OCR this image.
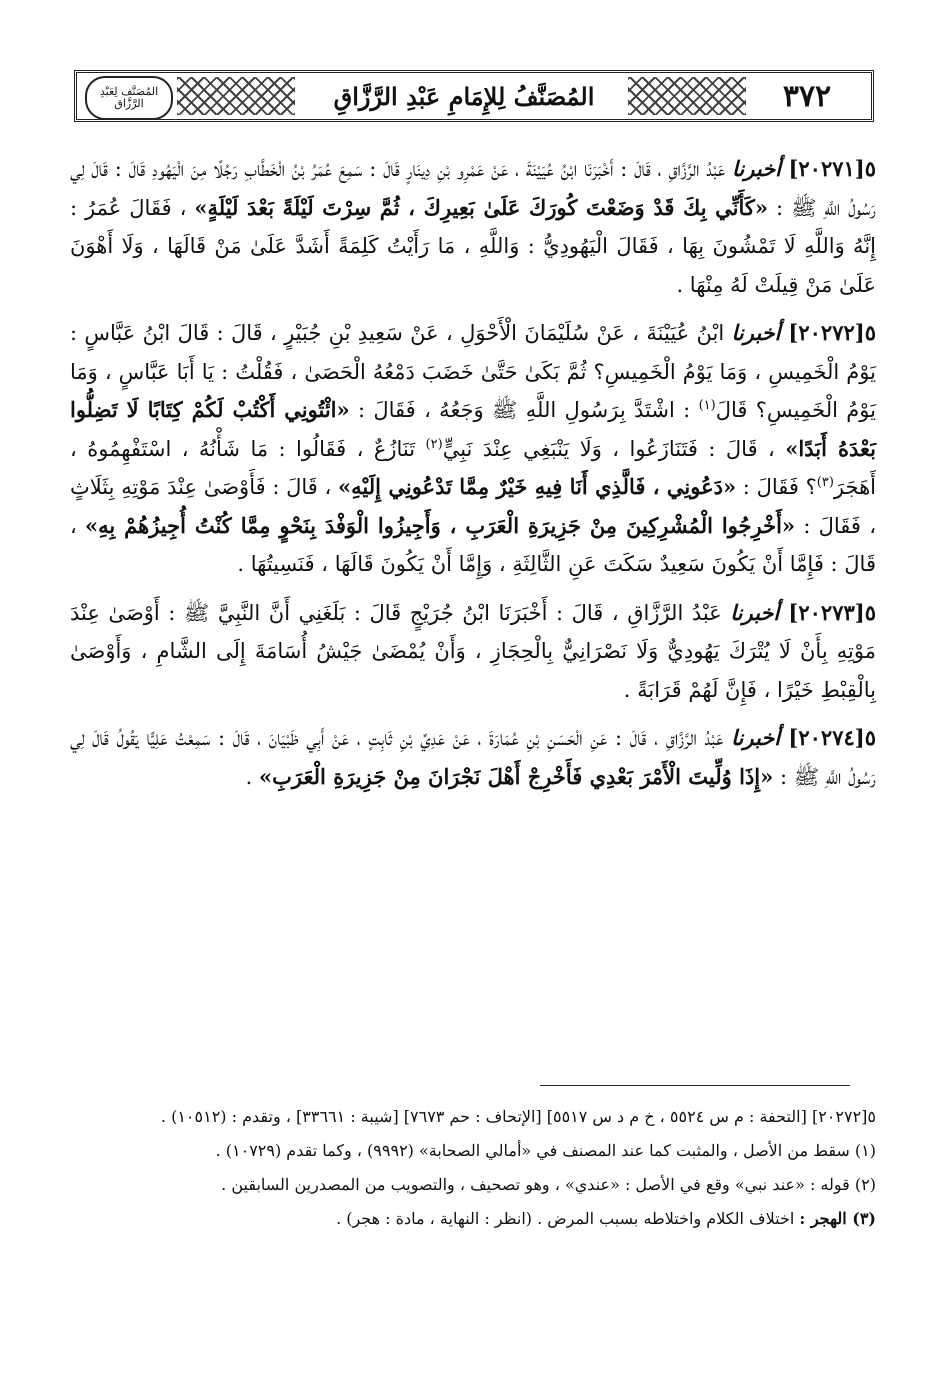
٣٧٢
المُصَنَّفُ لِلإِمَامِ عَبْدِ الرَّزَّاقِ
المُصَنَّف لِعَبْدِ الرَّزَّاق

٥[٢٠٢٧١] أخبرنا عَبْدُ الرَّزَّاقِ ، قَالَ : أَخْبَرَنَا ابْنُ عُيَيْنَةَ ، عَنْ عَمْرِو بْنِ دِينَارٍ قَالَ : سَمِعَ عُمَرُ بْنُ الْخَطَّابِ رَجُلًا مِنَ الْيَهُودِ قَالَ : قَالَ لِي رَسُولُ اللَّهِ ﷺ : «كَأَنِّي بِكَ قَدْ وَضَعْتَ كُورَكَ عَلَىٰ بَعِيرِكَ ، ثُمَّ سِرْتَ لَيْلَةً بَعْدَ لَيْلَةٍ» ، فَقَالَ عُمَرُ : إِنَّهُ وَاللَّهِ لَا تَمْشُونَ بِهَا ، فَقَالَ الْيَهُودِيُّ : وَاللَّهِ ، مَا رَأَيْتُ كَلِمَةً أَشَدَّ عَلَىٰ مَنْ قَالَهَا ، وَلَا أَهْوَنَ عَلَىٰ مَنْ قِيلَتْ لَهُ مِنْهَا .

٥[٢٠٢٧٢] أخبرنا ابْنُ عُيَيْنَةَ ، عَنْ سُلَيْمَانَ الْأَحْوَلِ ، عَنْ سَعِيدِ بْنِ جُبَيْرٍ ، قَالَ : قَالَ ابْنُ عَبَّاسٍ : يَوْمُ الْخَمِيسِ ، وَمَا يَوْمُ الْخَمِيسِ؟ ثُمَّ بَكَىٰ حَتَّىٰ خَضَبَ دَمْعُهُ الْحَصَىٰ ، فَقُلْتُ : يَا أَبَا عَبَّاسٍ ، وَمَا يَوْمُ الْخَمِيسِ؟ قَالَ$^{(١)}$ : اشْتَدَّ بِرَسُولِ اللَّهِ ﷺ وَجَعُهُ ، فَقَالَ : «ائْتُونِي أَكْتُبْ لَكُمْ كِتَابًا لَا تَضِلُّوا بَعْدَهُ أَبَدًا» ، قَالَ : فَتَنَازَعُوا ، وَلَا يَنْبَغِي عِنْدَ نَبِيٍّ$^{(٢)}$ تَنَازُعٌ ، فَقَالُوا : مَا شَأْنُهُ ، اسْتَفْهِمُوهُ ، أَهَجَرَ$^{(٣)}$؟ فَقَالَ : «دَعُونِي ، فَالَّذِي أَنَا فِيهِ خَيْرٌ مِمَّا تَدْعُونِي إِلَيْهِ» ، قَالَ : فَأَوْصَىٰ عِنْدَ مَوْتِهِ بِثَلَاثٍ ، فَقَالَ : «أَخْرِجُوا الْمُشْرِكِينَ مِنْ جَزِيرَةِ الْعَرَبِ ، وَأَجِيزُوا الْوَفْدَ بِنَحْوٍ مِمَّا كُنْتُ أُجِيزُهُمْ بِهِ» ، قَالَ : فَإِمَّا أَنْ يَكُونَ سَعِيدٌ سَكَتَ عَنِ الثَّالِثَةِ ، وَإِمَّا أَنْ يَكُونَ قَالَهَا ، فَنَسِيتُهَا .

٥[٢٠٢٧٣] أخبرنا عَبْدُ الرَّزَّاقِ ، قَالَ : أَخْبَرَنَا ابْنُ جُرَيْجٍ قَالَ : بَلَغَنِي أَنَّ النَّبِيَّ ﷺ : أَوْصَىٰ عِنْدَ مَوْتِهِ بِأَنْ لَا يُتْرَكَ يَهُودِيٌّ وَلَا نَصْرَانِيٌّ بِالْحِجَازِ ، وَأَنْ يُمْضَىٰ جَيْشُ أُسَامَةَ إِلَى الشَّامِ ، وَأَوْصَىٰ بِالْقِبْطِ خَيْرًا ، فَإِنَّ لَهُمْ قَرَابَةً .

٥[٢٠٢٧٤] أخبرنا عَبْدُ الرَّزَّاقِ ، قَالَ : عَنِ الْحَسَنِ بْنِ عُمَارَةَ ، عَنْ عَدِيِّ بْنِ ثَابِتٍ ، عَنْ أَبِي ظَبْيَانَ ، قَالَ : سَمِعْتُ عَلِيًّا يَقُولُ قَالَ لِي رَسُولُ اللَّهِ ﷺ : «إِذَا وُلِّيتَ الْأَمْرَ بَعْدِي فَأَخْرِجْ أَهْلَ نَجْرَانَ مِنْ جَزِيرَةِ الْعَرَبِ» .

٥[٢٠٢٧٢] [التحفة : م س ٥٥٢٤ ، خ م د س ٥٥١٧] [الإتحاف : حم ٧٦٧٣] [شيبة : ٣٣٦٦١] ، وتقدم : (١٠٥١٢) .

(١) سقط من الأصل ، والمثبت كما عند المصنف في «أمالي الصحابة» (٩٩٩٢) ، وكما تقدم (١٠٧٢٩) .

(٢) قوله : «عند نبي» وقع في الأصل : «عندي» ، وهو تصحيف ، والتصويب من المصدرين السابقين .

(٣) الهجر : اختلاف الكلام واختلاطه بسبب المرض . (انظر : النهاية ، مادة : هجر) .
